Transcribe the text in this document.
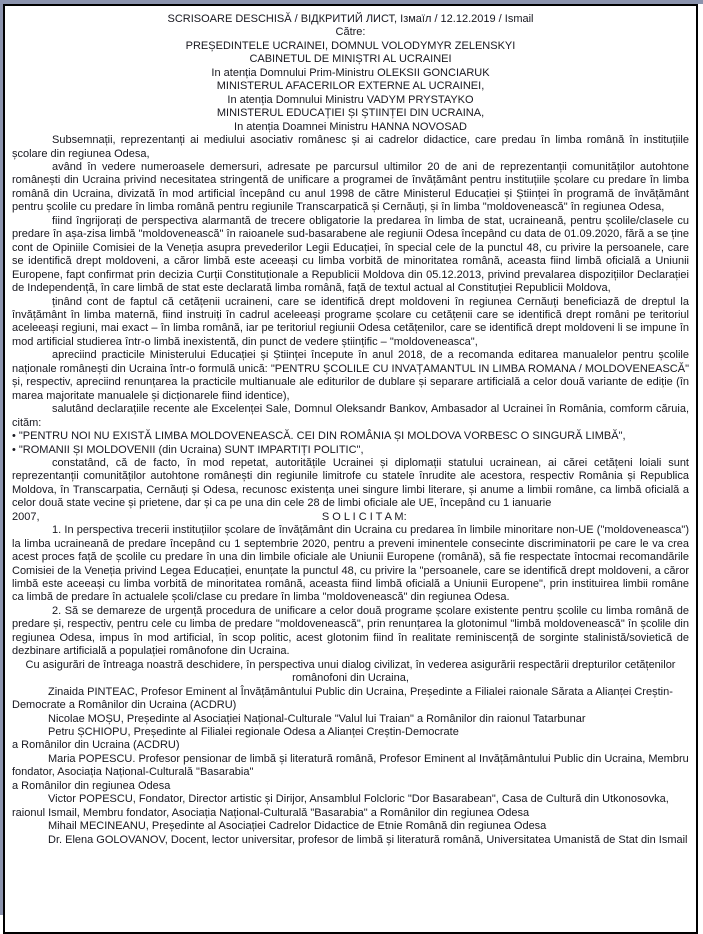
SCRISOARE DESCHISĂ / ВІДКРИТИЙ ЛИСТ, Ізмаїл / 12.12.2019 / Ismail
Către:
PREȘEDINTELE UCRAINEI, DOMNUL VOLODYMYR ZELENSKYI
CABINETUL DE MINIȘTRI AL UCRAINEI
In atenția Domnului Prim-Ministru OLEKSII GONCIARUK
MINISTERUL AFACERILOR EXTERNE AL UCRAINEI,
In atenția Domnului Ministru VADYM PRYSTAYKO
MINISTERUL EDUCAȚIEI ȘI ȘTIINȚEI DIN UCRAINA,
In atenția Doamnei Ministru HANNA NOVOSAD
Subsemnații, reprezentanți ai mediului asociativ românesc și ai cadrelor didactice, care predau în limba română în instituțiile școlare din regiunea Odesa,
având în vedere numeroasele demersuri, adresate pe parcursul ultimilor 20 de ani de reprezentanții comunităților autohtone românești din Ucraina privind necesitatea stringentă de unificare a programei de învățământ pentru instituțiile școlare cu predare în limba română din Ucraina, divizată în mod artificial începând cu anul 1998 de către Ministerul Educației și Științei în programă de învățământ pentru școlile cu predare în limba română pentru regiunile Transcarpatică și Cernăuți, și în limba "moldovenească" în regiunea Odesa,
fiind îngrijorați de perspectiva alarmantă de trecere obligatorie la predarea în limba de stat, ucraineană, pentru școlile/clasele cu predare în așa-zisa limbă "moldovenească" în raioanele sud-basarabene ale regiunii Odesa începând cu data de 01.09.2020, fără a se ține cont de Opiniile Comisiei de la Veneția asupra prevederilor Legii Educației, în special cele de la punctul 48, cu privire la persoanele, care se identifică drept moldoveni, a căror limbă este aceeași cu limba vorbită de minoritatea română, aceasta fiind limbă oficială a Uniunii Europene, fapt confirmat prin decizia Curții Constituționale a Republicii Moldova din 05.12.2013, privind prevalarea dispozițiilor Declarației de Independență, în care limbă de stat este declarată limba română, față de textul actual al Constituției Republicii Moldova,
ținând cont de faptul că cetățenii ucraineni, care se identifică drept moldoveni în regiunea Cernăuți beneficiază de dreptul la învățământ în limba maternă, fiind instruiți în cadrul aceleeași programe școlare cu cetățenii care se identifică drept români pe teritoriul aceleeași regiuni, mai exact – în limba română, iar pe teritoriul regiunii Odesa cetățenilor, care se identifică drept moldoveni li se impune în mod artificial studierea într-o limbă inexistentă, din punct de vedere științific – "moldoveneasca",
apreciind practicile Ministerului Educației și Științei începute în anul 2018, de a recomanda editarea manualelor pentru școlile naționale românești din Ucraina într-o formulă unică: "PENTRU ȘCOLILE CU INVAȚAMANTUL IN LIMBA ROMANA / MOLDOVENEASCĂ" și, respectiv, apreciind renunțarea la practicile multianuale ale editurilor de dublare și separare artificială a celor două variante de ediție (în marea majoritate manualele și dicționarele fiind identice),
salutând declarațiile recente ale Excelenței Sale, Domnul Oleksandr Bankov, Ambasador al Ucrainei în România, comform căruia, cităm:
• "PENTRU NOI NU EXISTĂ LIMBA MOLDOVENEASCĂ. CEI DIN ROMÂNIA ȘI MOLDOVA VORBESC O SINGURĂ LIMBĂ",
• "ROMANII ȘI MOLDOVENII (din Ucraina) SUNT IMPARTIȚI POLITIC",
constatând, că de facto, în mod repetat, autoritățile Ucrainei și diplomații statului ucrainean, ai cărei cetățeni loiali sunt reprezentanții comunităților autohtone românești din regiunile limitrofe cu statele înrudite ale acestora, respectiv România și Republica Moldova, în Transcarpatia, Cernăuți și Odesa, recunosc existența unei singure limbi literare, și anume a limbii române, ca limbă oficială a celor două state vecine și prietene, dar și ca pe una din cele 28 de limbi oficiale ale UE, începând cu 1 ianuarie
2007,	S O L I C I T A M:
1. In perspectiva trecerii instituțiilor școlare de învățământ din Ucraina cu predarea în limbile minoritare non-UE ("moldoveneasca") la limba ucraineană de predare începând cu 1 septembrie 2020, pentru a preveni iminentele consecinte discriminatorii pe care le va crea acest proces față de școlile cu predare în una din limbile oficiale ale Uniunii Europene (română), să fie respectate întocmai recomandările Comisiei de la Veneția privind Legea Educației, enunțate la punctul 48, cu privire la "persoanele, care se identifică drept moldoveni, a căror limbă este aceeași cu limba vorbită de minoritatea română, aceasta fiind limbă oficială a Uniunii Europene", prin instituirea limbii române ca limbă de predare în actualele școli/clase cu predare în limba "moldovenească" din regiunea Odesa.
2. Să se demareze de urgență procedura de unificare a celor două programe școlare existente pentru școlile cu limba română de predare și, respectiv, pentru cele cu limba de predare "moldovenească", prin renunțarea la glotonimul "limbă moldovenească" în școlile din regiunea Odesa, impus în mod artificial, în scop politic, acest glotonim fiind în realitate reminiscență de sorginte stalinistă/sovietică de dezbinare artificială a populației românofone din Ucraina.
Cu asigurări de întreaga noastră deschidere, în perspectiva unui dialog civilizat, în vederea asigurării respectării drepturilor cetățenilor românofoni din Ucraina,
Zinaida PINTEAC, Profesor Eminent al Învățământului Public din Ucraina, Președinte a Filialei raionale Sărata a Alianței Creștin-Democrate a Românilor din Ucraina (ACDRU)
Nicolae MOȘU, Președinte al Asociației Național-Culturale "Valul lui Traian" a Românilor din raionul Tatarbunar
Petru ȘCHIOPU, Președinte al Filialei regionale Odesa a Alianței Creștin-Democrate
a Românilor din Ucraina (ACDRU)
Maria POPESCU. Profesor pensionar de limbă și literatură română, Profesor Eminent al Invățământului Public din Ucraina, Membru fondator, Asociația Național-Culturală "Basarabia"
a Românilor din regiunea Odesa
Victor POPESCU, Fondator, Director artistic și Dirijor, Ansamblul Folcloric "Dor Basarabean", Casa de Cultură din Utkonosovka, raionul Ismail, Membru fondator, Asociația Național-Culturală "Basarabia" a Românilor din regiunea Odesa
Mihail MECINEANU, Președinte al Asociației Cadrelor Didactice de Etnie Română din regiunea Odesa
Dr. Elena GOLOVANOV, Docent, lector universitar, profesor de limbă și literatură română, Universitatea Umanistă de Stat din Ismail
